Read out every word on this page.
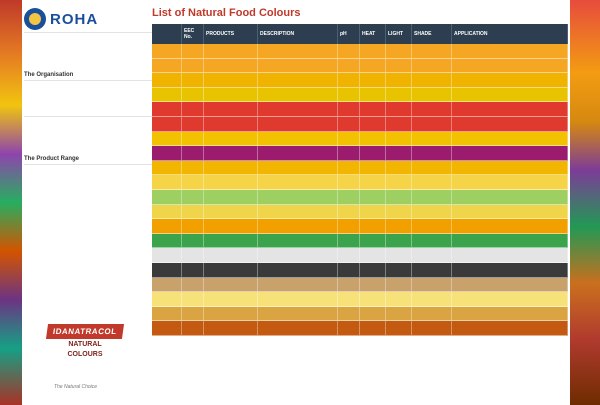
ROHA
The Organisation
The Product Range
IDANATRACOL
NATURAL
COLOURS
The Natural Choice
List of Natural Food Colours
EEC No.	PRODUCTS	DESCRIPTION	pH	HEAT	LIGHT	SHADE	APPLICATION
